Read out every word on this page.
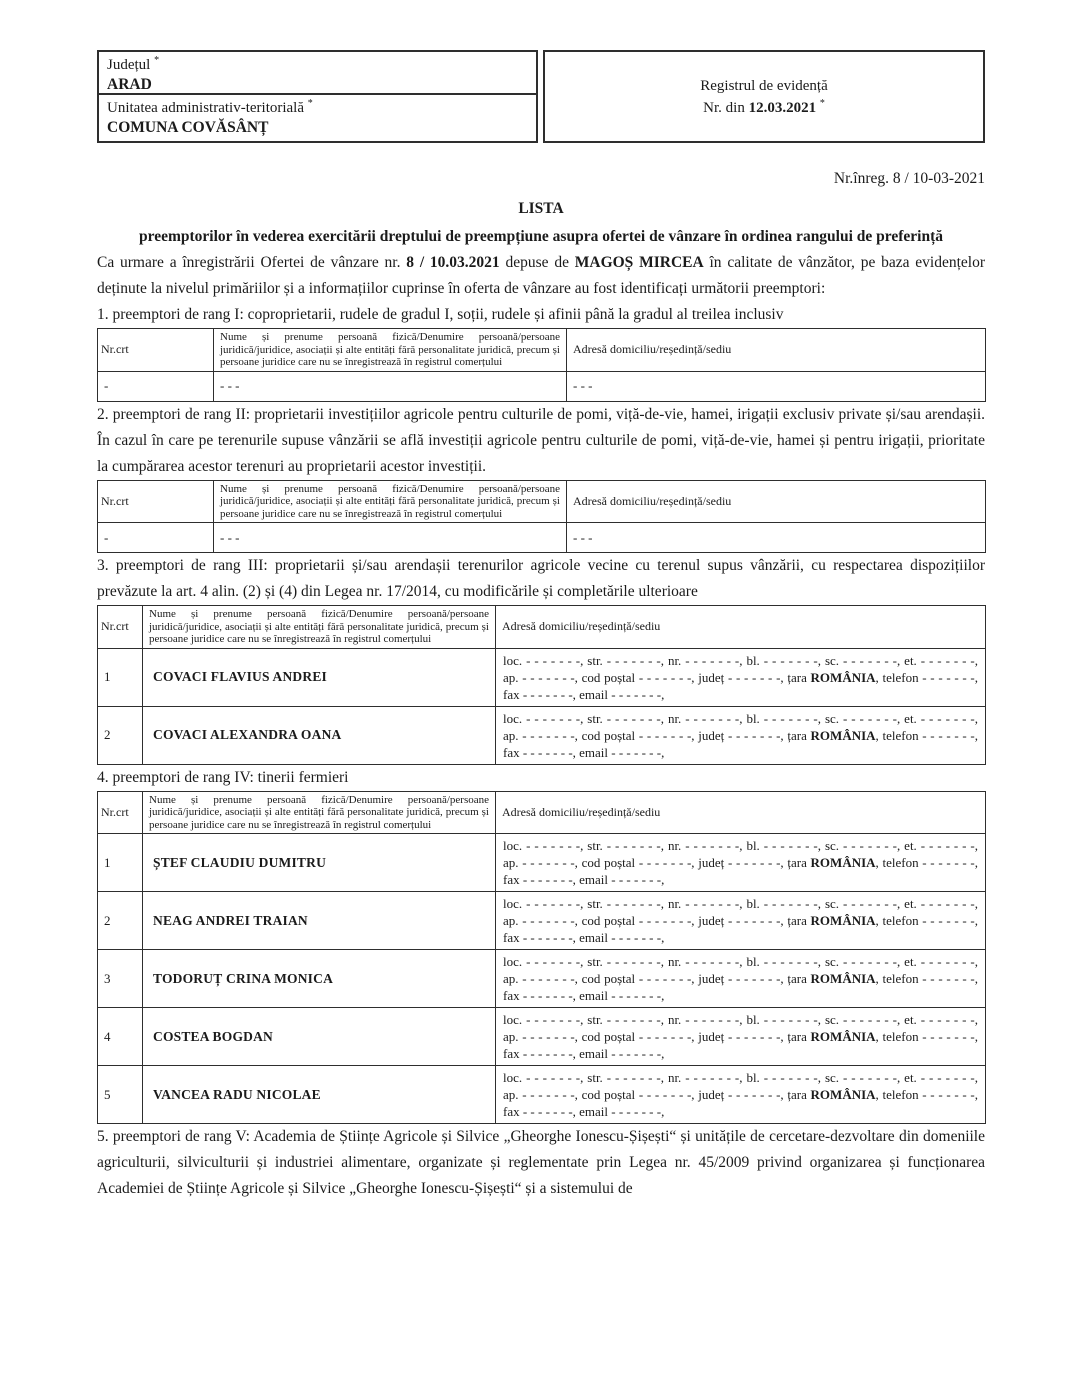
Județul *
ARAD
Unitatea administrativ-teritorială *
COMUNA COVĂSÂNȚ
Registrul de evidență
Nr. din 12.03.2021 *
Nr.înreg. 8 / 10-03-2021
LISTA
preemptorilor în vederea exercitării dreptului de preempțiune asupra ofertei de vânzare în ordinea rangului de preferință

Ca urmare a înregistrării Ofertei de vânzare nr. 8 / 10.03.2021 depuse de MAGOȘ MIRCEA în calitate de vânzător, pe baza evidențelor deținute la nivelul primăriilor și a informațiilor cuprinse în oferta de vânzare au fost identificați următorii preemptori:

1. preemptori de rang I: coproprietarii, rudele de gradul I, soții, rudele și afinii până la gradul al treilea inclusiv

Nr.crt	Nume și prenume persoană fizică/Denumire persoană/persoane juridică/juridice, asociații și alte entități fără personalitate juridică, precum și persoane juridice care nu se înregistrează în registrul comerțului	Adresă domiciliu/reședință/sediu
-	- - -	- - -

2. preemptori de rang II: proprietarii investițiilor agricole pentru culturile de pomi, viță-de-vie, hamei, irigații exclusiv private și/sau arendașii. În cazul în care pe terenurile supuse vânzării se află investiții agricole pentru culturile de pomi, viță-de-vie, hamei și pentru irigații, prioritate la cumpărarea acestor terenuri au proprietarii acestor investiții.

Nr.crt	Nume și prenume persoană fizică/Denumire persoană/persoane juridică/juridice, asociații și alte entități fără personalitate juridică, precum și persoane juridice care nu se înregistrează în registrul comerțului	Adresă domiciliu/reședință/sediu
-	- - -	- - -

3. preemptori de rang III: proprietarii și/sau arendașii terenurilor agricole vecine cu terenul supus vânzării, cu respectarea dispozițiilor prevăzute la art. 4 alin. (2) și (4) din Legea nr. 17/2014, cu modificările și completările ulterioare

Nr.crt	Nume și prenume persoană fizică/Denumire persoană/persoane juridică/juridice, asociații și alte entități fără personalitate juridică, precum și persoane juridice care nu se înregistrează în registrul comerțului	Adresă domiciliu/reședință/sediu
1	COVACI FLAVIUS ANDREI	loc. - - - - - - -, str. - - - - - - -, nr. - - - - - - -, bl. - - - - - - -, sc. - - - - - - -, et. - - - - - - -,
ap. - - - - - - -, cod poștal - - - - - - -, județ - - - - - - -, țara ROMÂNIA, telefon - - - - - - -,
fax - - - - - - -, email - - - - - - -,

2	COVACI ALEXANDRA OANA	loc. - - - - - - -, str. - - - - - - -, nr. - - - - - - -, bl. - - - - - - -, sc. - - - - - - -, et. - - - - - - -,
ap. - - - - - - -, cod poștal - - - - - - -, județ - - - - - - -, țara ROMÂNIA, telefon - - - - - - -,
fax - - - - - - -, email - - - - - - -,

4. preemptori de rang IV: tinerii fermieri

Nr.crt	Nume și prenume persoană fizică/Denumire persoană/persoane juridică/juridice, asociații și alte entități fără personalitate juridică, precum și persoane juridice care nu se înregistrează în registrul comerțului	Adresă domiciliu/reședință/sediu
1	ȘTEF CLAUDIU DUMITRU	loc. - - - - - - -, str. - - - - - - -, nr. - - - - - - -, bl. - - - - - - -, sc. - - - - - - -, et. - - - - - - -,
ap. - - - - - - -, cod poștal - - - - - - -, județ - - - - - - -, țara ROMÂNIA, telefon - - - - - - -,
fax - - - - - - -, email - - - - - - -,

2	NEAG ANDREI TRAIAN	loc. - - - - - - -, str. - - - - - - -, nr. - - - - - - -, bl. - - - - - - -, sc. - - - - - - -, et. - - - - - - -,
ap. - - - - - - -, cod poștal - - - - - - -, județ - - - - - - -, țara ROMÂNIA, telefon - - - - - - -,
fax - - - - - - -, email - - - - - - -,

3	TODORUȚ CRINA MONICA	loc. - - - - - - -, str. - - - - - - -, nr. - - - - - - -, bl. - - - - - - -, sc. - - - - - - -, et. - - - - - - -,
ap. - - - - - - -, cod poștal - - - - - - -, județ - - - - - - -, țara ROMÂNIA, telefon - - - - - - -,
fax - - - - - - -, email - - - - - - -,

4	COSTEA BOGDAN	loc. - - - - - - -, str. - - - - - - -, nr. - - - - - - -, bl. - - - - - - -, sc. - - - - - - -, et. - - - - - - -,
ap. - - - - - - -, cod poștal - - - - - - -, județ - - - - - - -, țara ROMÂNIA, telefon - - - - - - -,
fax - - - - - - -, email - - - - - - -,

5	VANCEA RADU NICOLAE	loc. - - - - - - -, str. - - - - - - -, nr. - - - - - - -, bl. - - - - - - -, sc. - - - - - - -, et. - - - - - - -,
ap. - - - - - - -, cod poștal - - - - - - -, județ - - - - - - -, țara ROMÂNIA, telefon - - - - - - -,
fax - - - - - - -, email - - - - - - -,

5. preemptori de rang V: Academia de Științe Agricole și Silvice „Gheorghe Ionescu-Șișești“ și unitățile de cercetare-dezvoltare din domeniile agriculturii, silviculturii și industriei alimentare, organizate și reglementate prin Legea nr. 45/2009 privind organizarea și funcționarea Academiei de Științe Agricole și Silvice „Gheorghe Ionescu-Șișești“ și a sistemului de
